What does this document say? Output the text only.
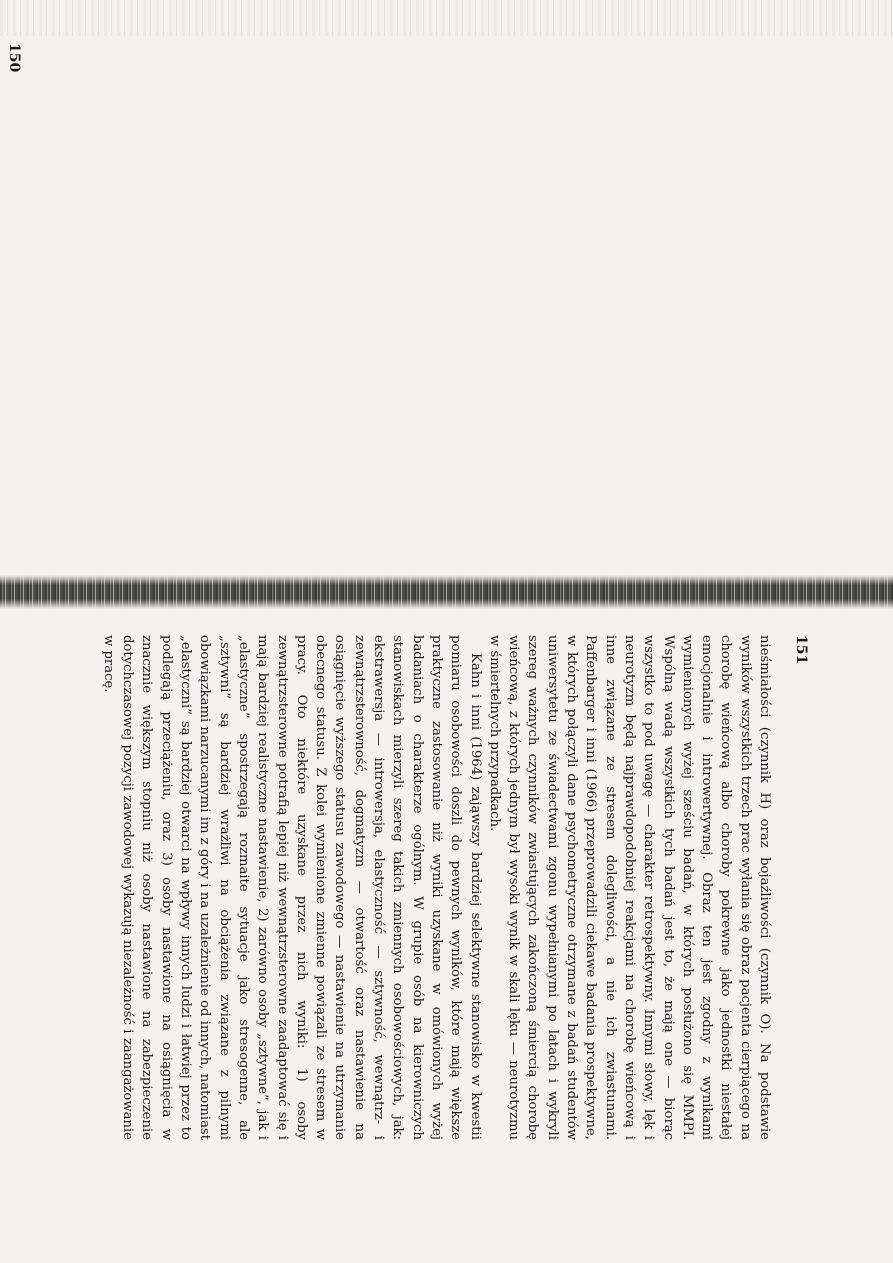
150

151

nieśmiałości (czynnik H) oraz bojaźliwości (czynnik O). Na podstawie wyników wszystkich trzech prac wyłania się obraz pacjenta cierpiącego na chorobę wieńcową albo choroby pokrewne jako jednostki niestałej emocjonalnie i introwertywnej. Obraz ten jest zgodny z wynikami wymienionych wyżej sześciu badań, w których posłużono się MMPI. Wspólną wadą wszystkich tych badań jest to, że mają one — biorąc wszystko to pod uwagę — charakter retrospektywny. Innymi słowy, lęk i neurotyzm będą najprawdopodobniej reakcjami na chorobę wieńcową i inne związane ze stresem dolegliwości, a nie ich zwiastunami. Paffenbarger i inni (1966) przeprowadzili ciekawe badania prospektywne, w których połączyli dane psychometryczne otrzymane z badań studentów uniwersytetu ze świadectwami zgonu wypełnianymi po latach i wykryli szereg ważnych czynników zwiastujących zakończoną śmiercią chorobę wieńcową, z których jednym był wysoki wynik w skali lęku — neurotyzmu w śmiertelnych przypadkach.

Kahn i inni (1964) zająwszy bardziej selektywne stanowisko w kwestii pomiaru osobowości doszli do pewnych wyników, które mają większe praktyczne zastosowanie niż wyniki uzyskane w omówionych wyżej badaniach o charakterze ogólnym. W grupie osób na kierowniczych stanowiskach mierzyli szereg takich zmiennych osobowościowych, jak: ekstrawersja — introwersja, elastyczność — sztywność, wewnątrz- i zewnątrzsterowność, dogmatyzm — otwartość oraz nastawienie na osiągnięcie wyższego statusu zawodowego — nastawienie na utrzymanie obecnego statusu. Z kolei wymienione zmienne powiązali ze stresem w pracy. Oto niektóre uzyskane przez nich wyniki: 1) osoby zewnątrzsterowne potrafią lepiej niż wewnątrzsterowne zaadaptować się i mają bardziej realistyczne nastawienie, 2) zarówno osoby „sztywne”, jak i „elastyczne” spostrzegają rozmaite sytuacje jako stresogenne, ale „sztywni” są bardziej wrażliwi na obciążenia związane z pilnymi obowiązkami narzucanymi im z góry i na uzależnienie od innych, natomiast „elastyczni” są bardziej otwarci na wpływy innych ludzi i łatwiej przez to podlegają przeciążeniu, oraz 3) osoby nastawione na osiągnięcia w znacznie większym stopniu niż osoby nastawione na zabezpieczenie dotychczasowej pozycji zawodowej wykazują niezależność i zaangażowanie w pracę.
